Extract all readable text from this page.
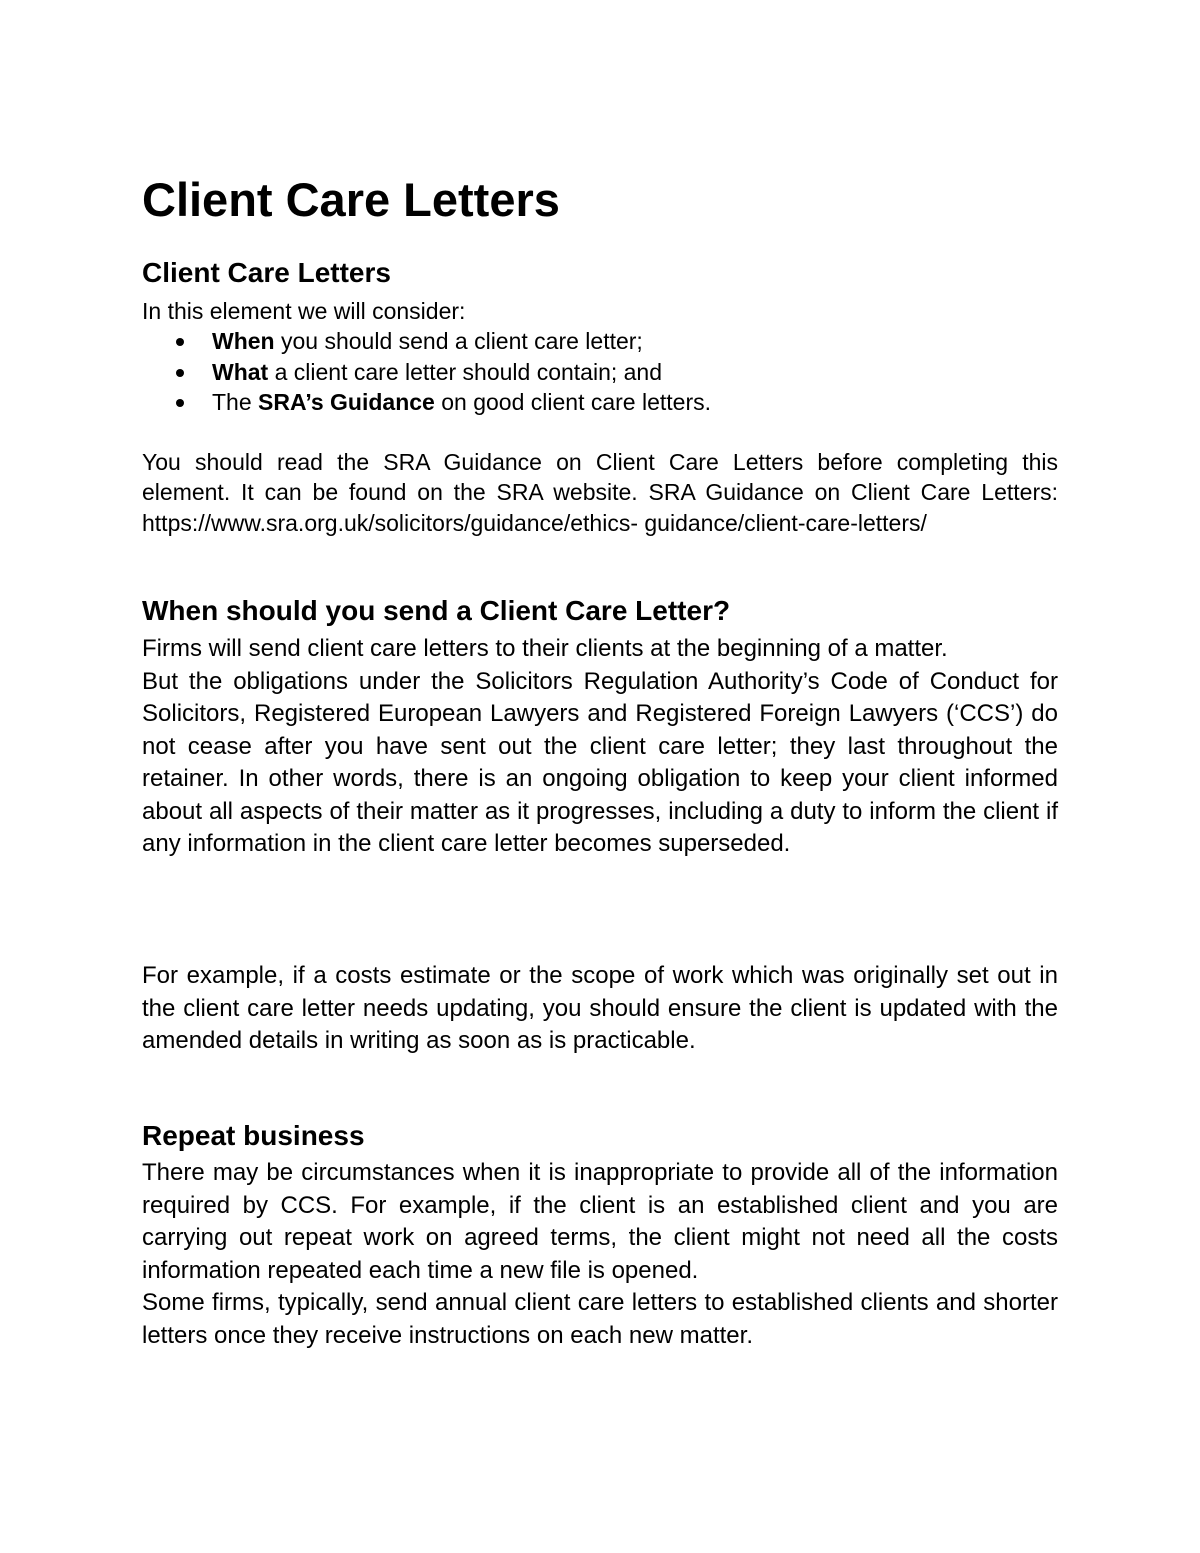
Client Care Letters
Client Care Letters

In this element we will consider:

When you should send a client care letter;
What a client care letter should contain; and
The SRA’s Guidance on good client care letters.

You should read the SRA Guidance on Client Care Letters before completing this element. It can be found on the SRA website. SRA Guidance on Client Care Letters: https://www.sra.org.uk/solicitors/guidance/ethics- guidance/client-care-letters/

When should you send a Client Care Letter?

Firms will send client care letters to their clients at the beginning of a matter.

But the obligations under the Solicitors Regulation Authority’s Code of Conduct for Solicitors, Registered European Lawyers and Registered Foreign Lawyers (‘CCS’) do not cease after you have sent out the client care letter; they last throughout the retainer. In other words, there is an ongoing obligation to keep your client informed about all aspects of their matter as it progresses, including a duty to inform the client if any information in the client care letter becomes superseded.

For example, if a costs estimate or the scope of work which was originally set out in the client care letter needs updating, you should ensure the client is updated with the amended details in writing as soon as is practicable.

Repeat business

There may be circumstances when it is inappropriate to provide all of the information required by CCS. For example, if the client is an established client and you are carrying out repeat work on agreed terms, the client might not need all the costs information repeated each time a new file is opened.

Some firms, typically, send annual client care letters to established clients and shorter letters once they receive instructions on each new matter.
